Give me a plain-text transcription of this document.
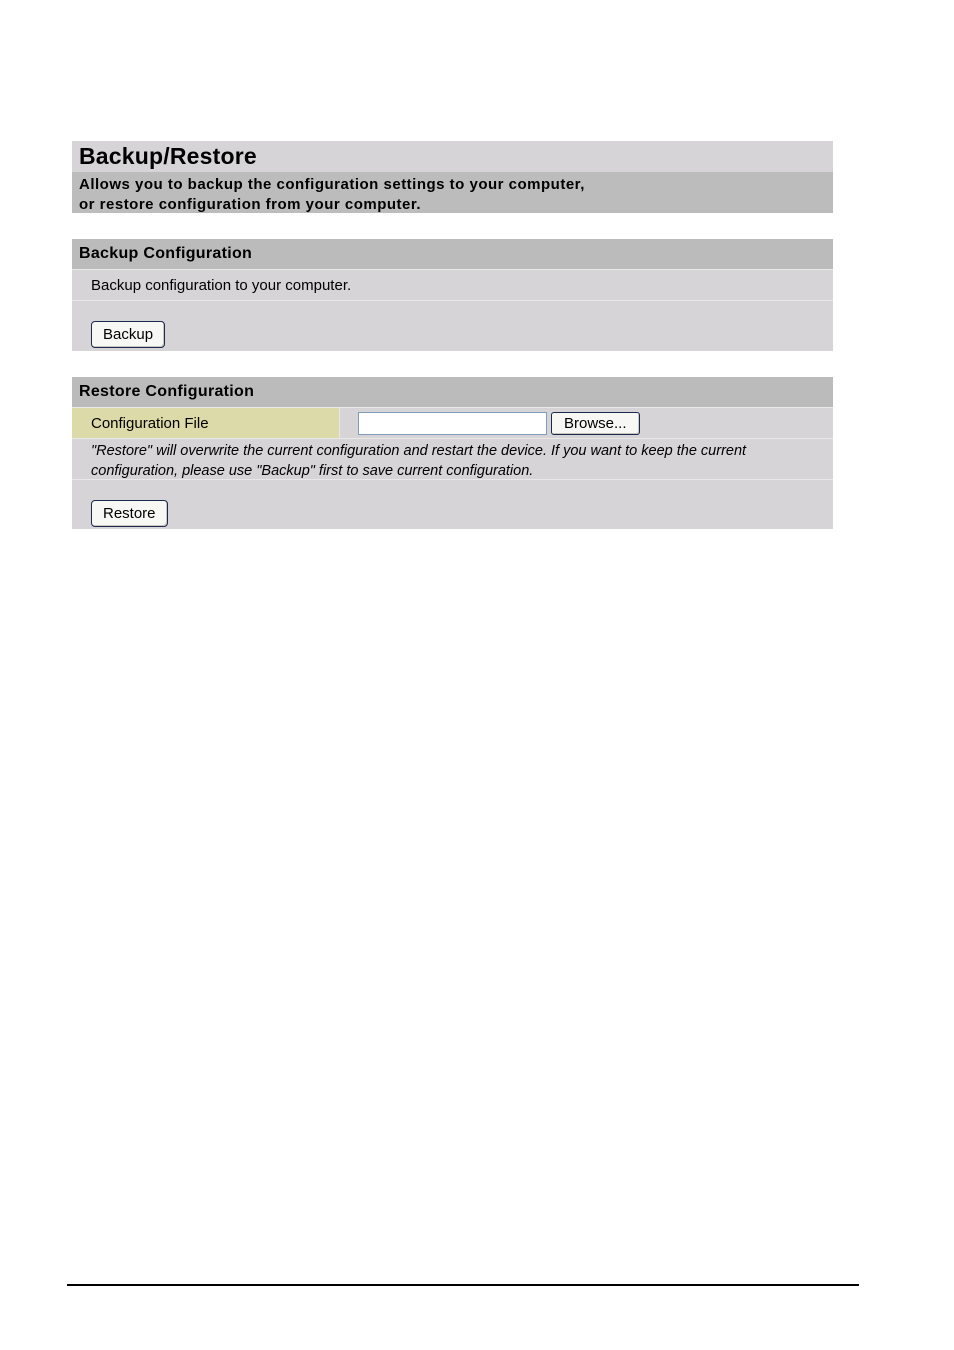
Backup/Restore
Allows you to backup the configuration settings to your computer,
or restore configuration from your computer.
Backup Configuration
Backup configuration to your computer.
Backup
Restore Configuration
Configuration File	Browse...
"Restore" will overwrite the current configuration and restart the device. If you want to keep the current
configuration, please use "Backup" first to save current configuration.
Restore
